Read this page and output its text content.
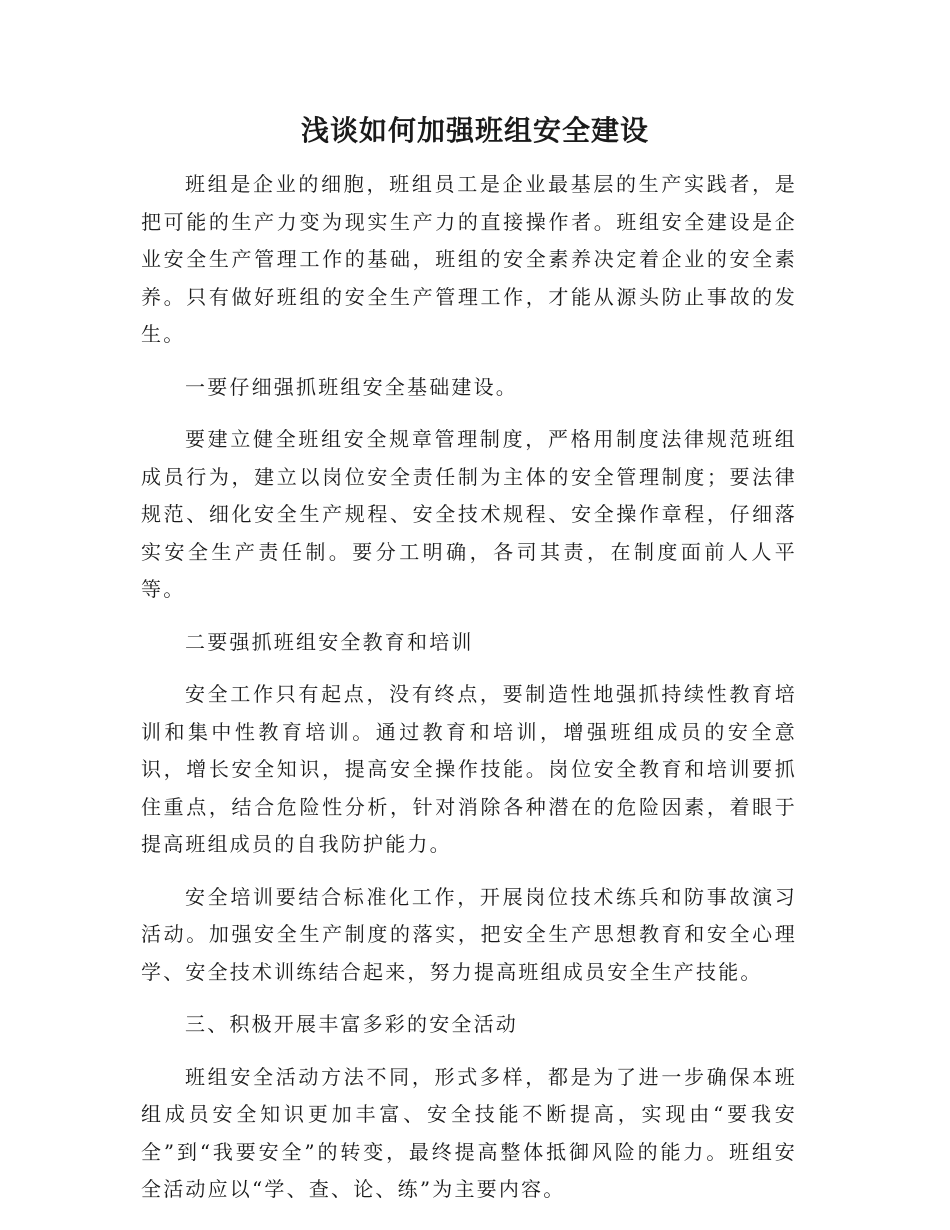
浅谈如何加强班组安全建设

班组是企业的细胞，班组员工是企业最基层的生产实践者，是把可能的生产力变为现实生产力的直接操作者。班组安全建设是企业安全生产管理工作的基础，班组的安全素养决定着企业的安全素养。只有做好班组的安全生产管理工作，才能从源头防止事故的发生。

一要仔细强抓班组安全基础建设。

要建立健全班组安全规章管理制度，严格用制度法律规范班组成员行为，建立以岗位安全责任制为主体的安全管理制度；要法律规范、细化安全生产规程、安全技术规程、安全操作章程，仔细落实安全生产责任制。要分工明确，各司其责，在制度面前人人平等。

二要强抓班组安全教育和培训

安全工作只有起点，没有终点，要制造性地强抓持续性教育培训和集中性教育培训。通过教育和培训，增强班组成员的安全意识，增长安全知识，提高安全操作技能。岗位安全教育和培训要抓住重点，结合危险性分析，针对消除各种潜在的危险因素，着眼于提高班组成员的自我防护能力。

安全培训要结合标准化工作，开展岗位技术练兵和防事故演习活动。加强安全生产制度的落实，把安全生产思想教育和安全心理学、安全技术训练结合起来，努力提高班组成员安全生产技能。

三、积极开展丰富多彩的安全活动

班组安全活动方法不同，形式多样，都是为了进一步确保本班组成员安全知识更加丰富、安全技能不断提高，实现由“要我安全”到“我要安全”的转变，最终提高整体抵御风险的能力。班组安全活动应以“学、查、论、练”为主要内容。
